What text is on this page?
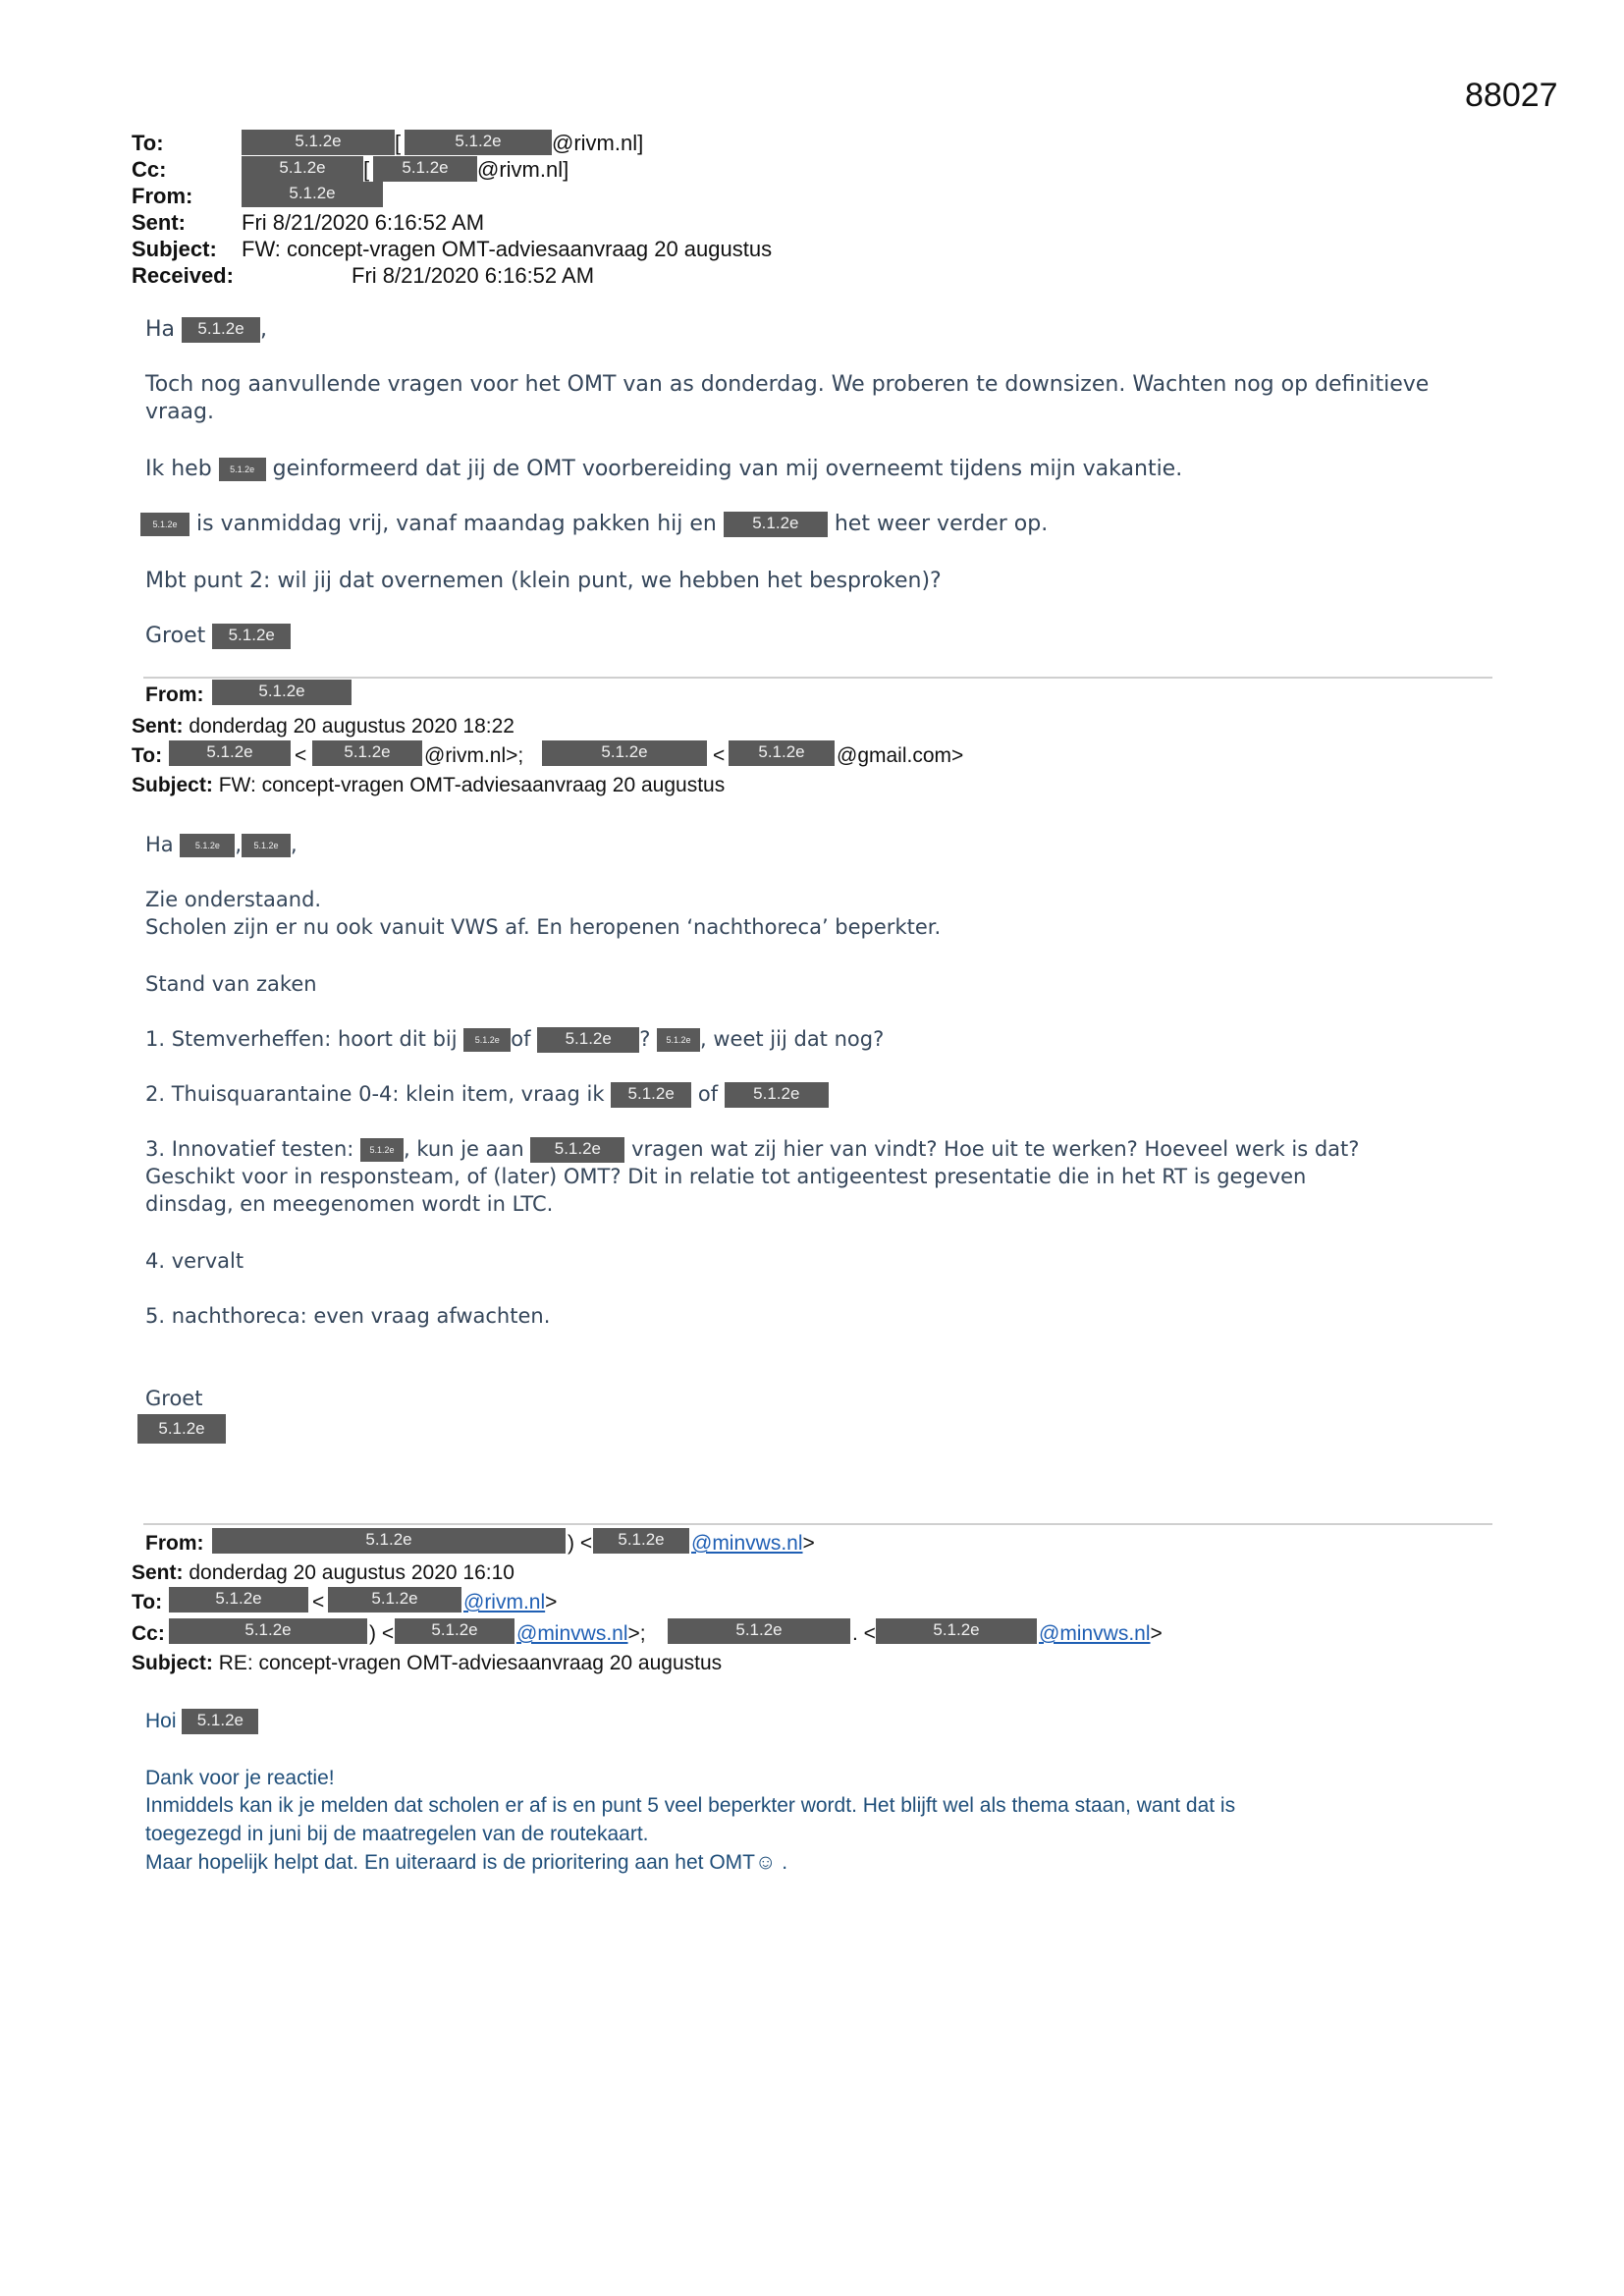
88027
To:	5.1.2e	[	5.1.2e	@rivm.nl]
Cc:	5.1.2e	[	5.1.2e	@rivm.nl]
From:	5.1.2e
Sent:	Fri 8/21/2020 6:16:52 AM
Subject: FW: concept-vragen OMT-adviesaanvraag 20 augustus
Received:	Fri 8/21/2020 6:16:52 AM
Ha 5.1.2e ,
Toch nog aanvullende vragen voor het OMT van as donderdag. We proberen te downsizen. Wachten nog op definitieve vraag.
Ik heb 5.1.2e geinformeerd dat jij de OMT voorbereiding van mij overneemt tijdens mijn vakantie.
5.1.2e is vanmiddag vrij, vanaf maandag pakken hij en 5.1.2e het weer verder op.
Mbt punt 2: wil jij dat overnemen (klein punt, we hebben het besproken)?
Groet 5.1.2e
From:	5.1.2e
Sent: donderdag 20 augustus 2020 18:22
To:	5.1.2e	<	5.1.2e	@rivm.nl>;	5.1.2e	<	5.1.2e	@gmail.com>
Subject: FW: concept-vragen OMT-adviesaanvraag 20 augustus
Ha 5.1.2e , 5.1.2e ,
Zie onderstaand.
Scholen zijn er nu ook vanuit VWS af. En heropenen ‘nachthoreca’ beperkter.
Stand van zaken
1. Stemverheffen: hoort dit bij 5.1.2e of 5.1.2e ? 5.1.2e , weet jij dat nog?
2. Thuisquarantaine 0-4: klein item, vraag ik 5.1.2e of 5.1.2e
3. Innovatief testen: 5.1.2e , kun je aan 5.1.2e vragen wat zij hier van vindt? Hoe uit te werken? Hoeveel werk is dat?
Geschikt voor in responsteam, of (later) OMT? Dit in relatie tot antigeentest presentatie die in het RT is gegeven
dinsdag, en meegenomen wordt in LTC.
4. vervalt
5. nachthoreca: even vraag afwachten.
Groet
5.1.2e
From:	5.1.2e	) <	5.1.2e	@minvws.nl>
Sent: donderdag 20 augustus 2020 16:10
To:	5.1.2e	<	5.1.2e	@rivm.nl>
Cc:	5.1.2e	) <	5.1.2e	@minvws.nl>;	5.1.2e	. <	5.1.2e	@minvws.nl>
Subject: RE: concept-vragen OMT-adviesaanvraag 20 augustus
Hoi 5.1.2e
Dank voor je reactie!
Inmiddels kan ik je melden dat scholen er af is en punt 5 veel beperkter wordt. Het blijft wel als thema staan, want dat is
toegezegd in juni bij de maatregelen van de routekaart.
Maar hopelijk helpt dat. En uiteraard is de prioritering aan het OMT☺ .
